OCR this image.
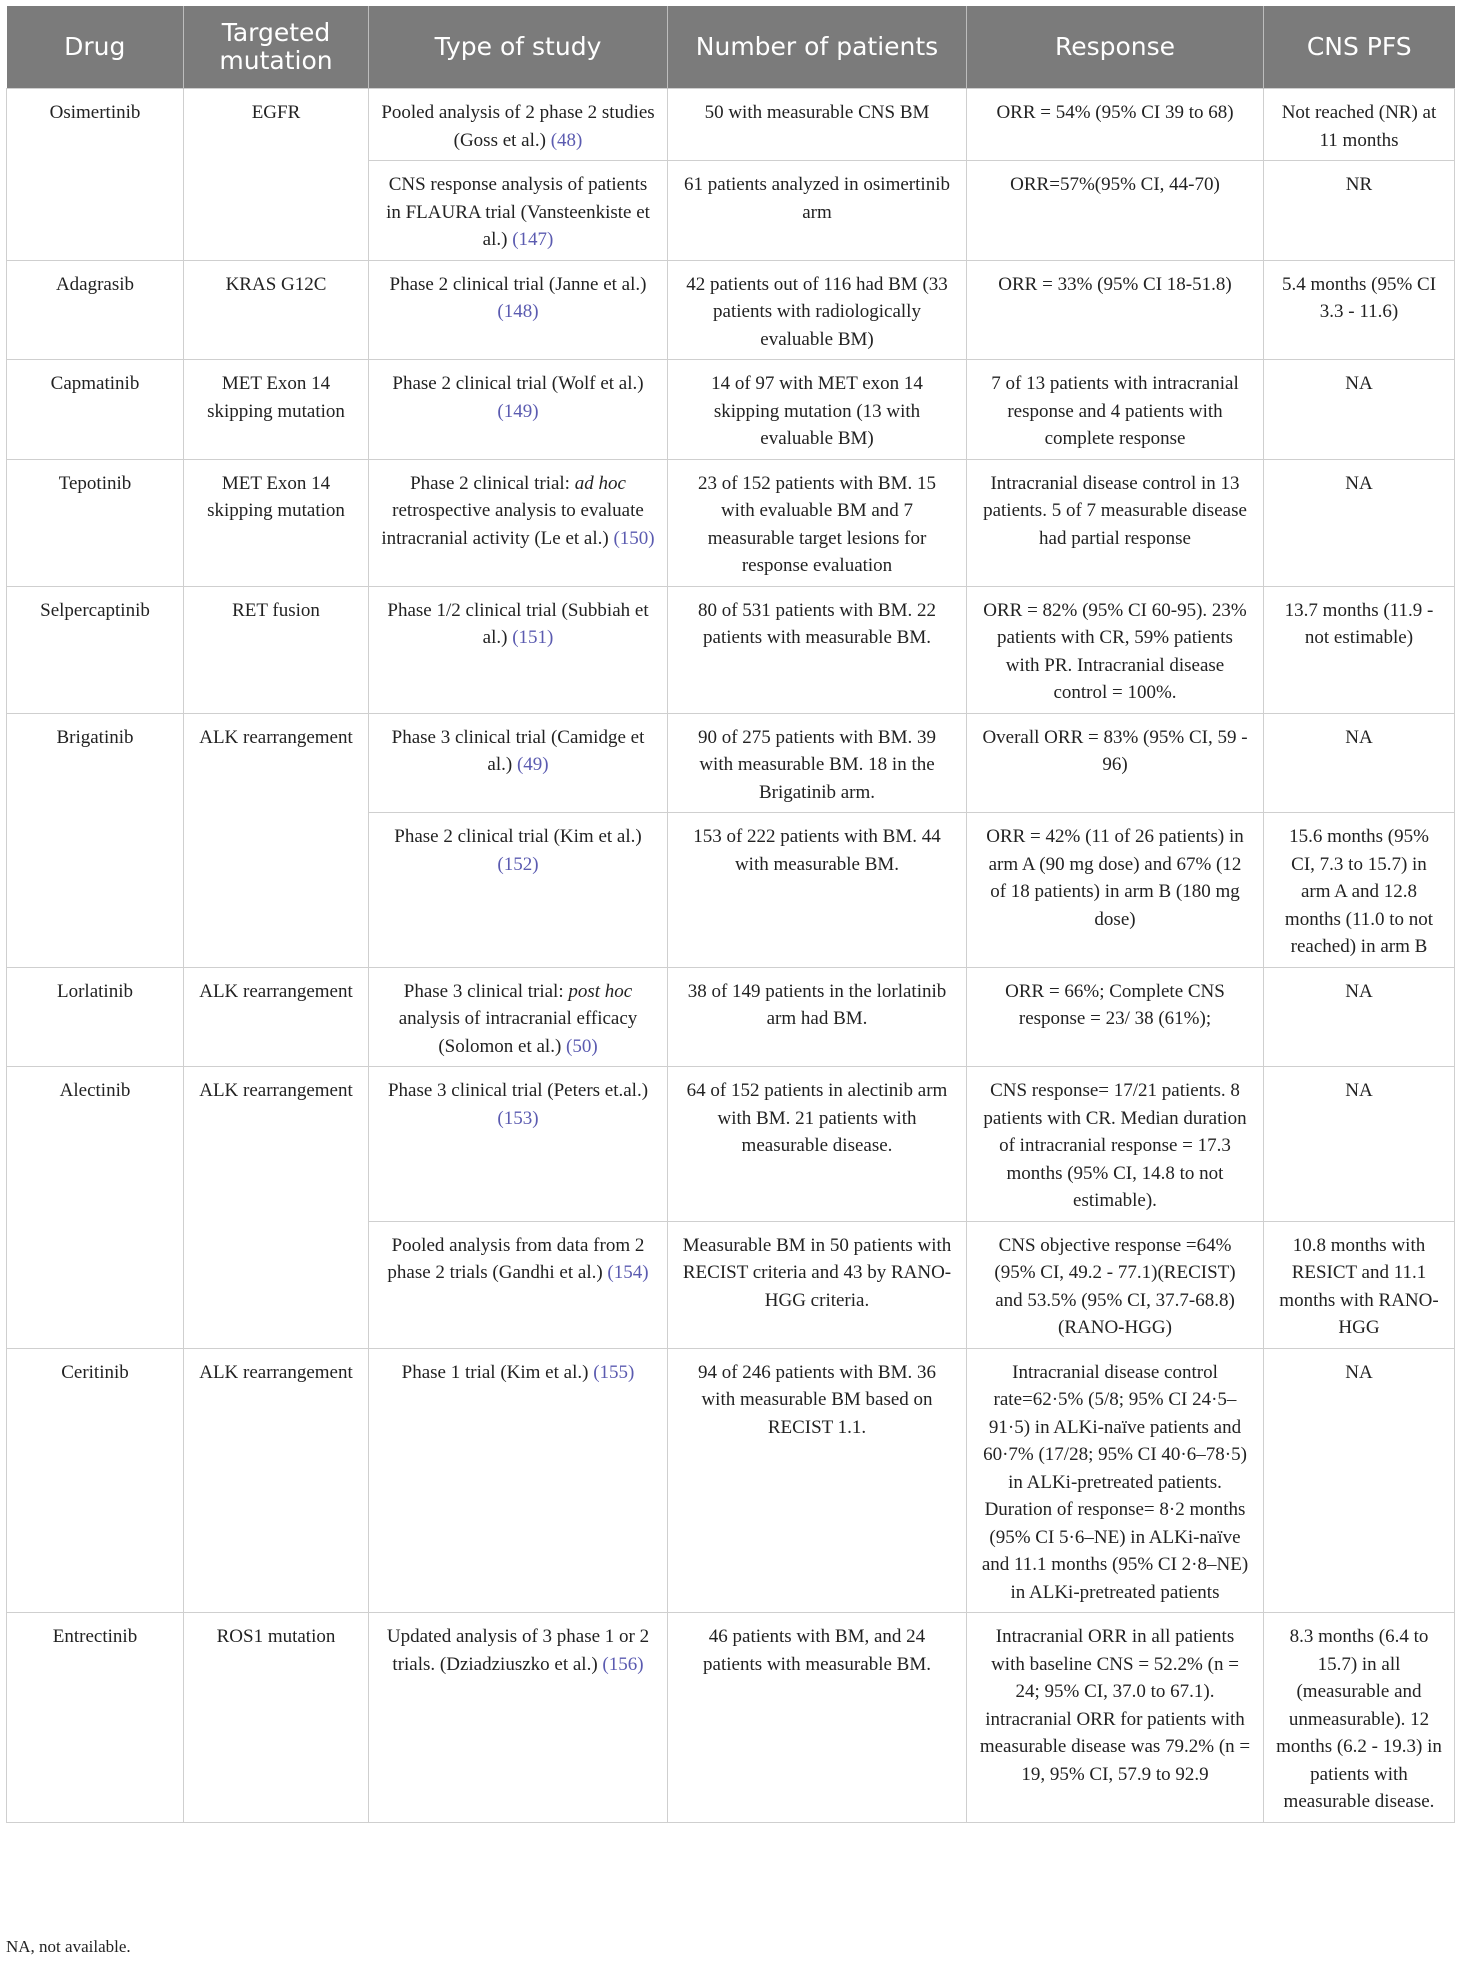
Drug	Targeted mutation	Type of study	Number of patients	Response	CNS PFS
Osimertinib	EGFR	Pooled analysis of 2 phase 2 studies (Goss et al.) (48)	50 with measurable CNS BM	ORR = 54% (95% CI 39 to 68)	Not reached (NR) at 11 months
		CNS response analysis of patients in FLAURA trial (Vansteenkiste et al.) (147)	61 patients analyzed in osimertinib arm	ORR=57%(95% CI, 44-70)	NR
Adagrasib	KRAS G12C	Phase 2 clinical trial (Janne et al.) (148)	42 patients out of 116 had BM (33 patients with radiologically evaluable BM)	ORR = 33% (95% CI 18-51.8)	5.4 months (95% CI 3.3 - 11.6)
Capmatinib	MET Exon 14 skipping mutation	Phase 2 clinical trial (Wolf et al.) (149)	14 of 97 with MET exon 14 skipping mutation (13 with evaluable BM)	7 of 13 patients with intracranial response and 4 patients with complete response	NA
Tepotinib	MET Exon 14 skipping mutation	Phase 2 clinical trial: ad hoc retrospective analysis to evaluate intracranial activity (Le et al.) (150)	23 of 152 patients with BM. 15 with evaluable BM and 7 measurable target lesions for response evaluation	Intracranial disease control in 13 patients. 5 of 7 measurable disease had partial response	NA
Selpercaptinib	RET fusion	Phase 1/2 clinical trial (Subbiah et al.) (151)	80 of 531 patients with BM. 22 patients with measurable BM.	ORR = 82% (95% CI 60-95). 23% patients with CR, 59% patients with PR. Intracranial disease control = 100%.	13.7 months (11.9 - not estimable)
Brigatinib	ALK rearrangement	Phase 3 clinical trial (Camidge et al.) (49)	90 of 275 patients with BM. 39 with measurable BM. 18 in the Brigatinib arm.	Overall ORR = 83% (95% CI, 59 - 96)	NA
		Phase 2 clinical trial (Kim et al.) (152)	153 of 222 patients with BM. 44 with measurable BM.	ORR = 42% (11 of 26 patients) in arm A (90 mg dose) and 67% (12 of 18 patients) in arm B (180 mg dose)	15.6 months (95% CI, 7.3 to 15.7) in arm A and 12.8 months (11.0 to not reached) in arm B
Lorlatinib	ALK rearrangement	Phase 3 clinical trial: post hoc analysis of intracranial efficacy (Solomon et al.) (50)	38 of 149 patients in the lorlatinib arm had BM.	ORR = 66%; Complete CNS response = 23/ 38 (61%);	NA
Alectinib	ALK rearrangement	Phase 3 clinical trial (Peters et.al.) (153)	64 of 152 patients in alectinib arm with BM. 21 patients with measurable disease.	CNS response= 17/21 patients. 8 patients with CR. Median duration of intracranial response = 17.3 months (95% CI, 14.8 to not estimable).	NA
		Pooled analysis from data from 2 phase 2 trials (Gandhi et al.) (154)	Measurable BM in 50 patients with RECIST criteria and 43 by RANO-HGG criteria.	CNS objective response =64% (95% CI, 49.2 - 77.1)(RECIST) and 53.5% (95% CI, 37.7-68.8) (RANO-HGG)	10.8 months with RESICT and 11.1 months with RANO-HGG
Ceritinib	ALK rearrangement	Phase 1 trial (Kim et al.) (155)	94 of 246 patients with BM. 36 with measurable BM based on RECIST 1.1.	Intracranial disease control rate=62·5% (5/8; 95% CI 24·5–91·5) in ALKi-naïve patients and 60·7% (17/28; 95% CI 40·6–78·5) in ALKi-pretreated patients. Duration of response= 8·2 months (95% CI 5·6–NE) in ALKi-naïve and 11.1 months (95% CI 2·8–NE) in ALKi-pretreated patients	NA
Entrectinib	ROS1 mutation	Updated analysis of 3 phase 1 or 2 trials. (Dziadziuszko et al.) (156)	46 patients with BM, and 24 patients with measurable BM.	Intracranial ORR in all patients with baseline CNS = 52.2% (n = 24; 95% CI, 37.0 to 67.1). intracranial ORR for patients with measurable disease was 79.2% (n = 19, 95% CI, 57.9 to 92.9	8.3 months (6.4 to 15.7) in all (measurable and unmeasurable). 12 months (6.2 - 19.3) in patients with measurable disease.
NA, not available.
